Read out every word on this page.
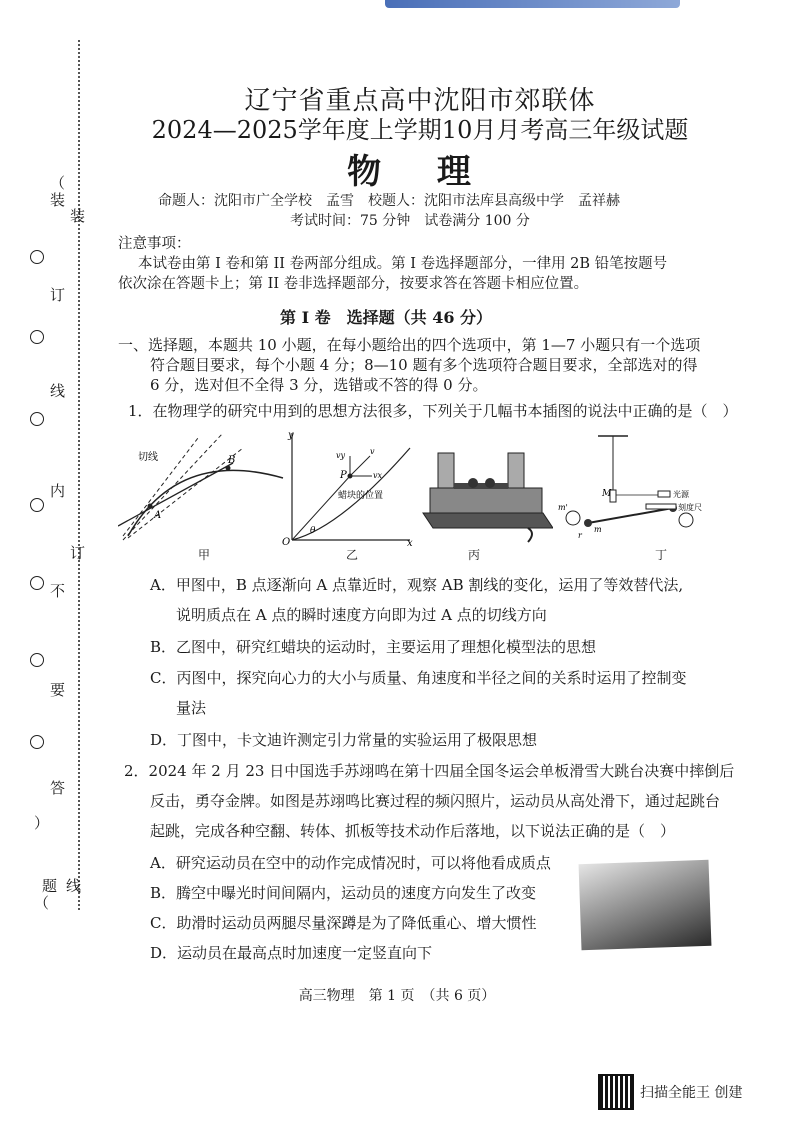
（
装
订
线
内
不
要
答
）
题
（
装
订
线
辽宁省重点高中沈阳市郊联体
2024—2025学年度上学期10月月考高三年级试题
物 理
命题人：沈阳市广全学校　孟雪　校题人：沈阳市法库县高级中学　孟祥赫
考试时间：75 分钟　试卷满分 100 分
注意事项：
本试卷由第 I 卷和第 II 卷两部分组成。第 I 卷选择题部分，一律用 2B 铅笔按题号
依次涂在答题卡上；第 II 卷非选择题部分，按要求答在答题卡相应位置。
第 I 卷　选择题（共 46 分）
一、选择题，本题共 10 小题，在每小题给出的四个选项中，第 1—7 小题只有一个选项
符合题目要求，每个小题 4 分；8—10 题有多个选项符合题目要求，全部选对的得
6 分，选对但不全得 3 分，选错或不答的得 0 分。
1．在物理学的研究中用到的思想方法很多，下列关于几幅书本插图的说法中正确的是（　）
切线
A
B
y
x
O
P
θ
vy	v
vx
蜡块的位置	M	光源
刻度尺
m'
m
r
甲	乙	丙	丁
A．甲图中，B 点逐渐向 A 点靠近时，观察 AB 割线的变化，运用了等效替代法,
说明质点在 A 点的瞬时速度方向即为过 A 点的切线方向
B．乙图中，研究红蜡块的运动时，主要运用了理想化模型法的思想
C．丙图中，探究向心力的大小与质量、角速度和半径之间的关系时运用了控制变
量法
D．丁图中，卡文迪许测定引力常量的实验运用了极限思想
2．2024 年 2 月 23 日中国选手苏翊鸣在第十四届全国冬运会单板滑雪大跳台决赛中摔倒后
反击，勇夺金牌。如图是苏翊鸣比赛过程的频闪照片，运动员从高处滑下，通过起跳台
起跳，完成各种空翻、转体、抓板等技术动作后落地，以下说法正确的是（　）
A．研究运动员在空中的动作完成情况时，可以将他看成质点
B．腾空中曝光时间间隔内，运动员的速度方向发生了改变
C．助滑时运动员两腿尽量深蹲是为了降低重心、增大惯性
D．运动员在最高点时加速度一定竖直向下
高三物理　第 1 页　（共 6 页）
扫描全能王 创建
